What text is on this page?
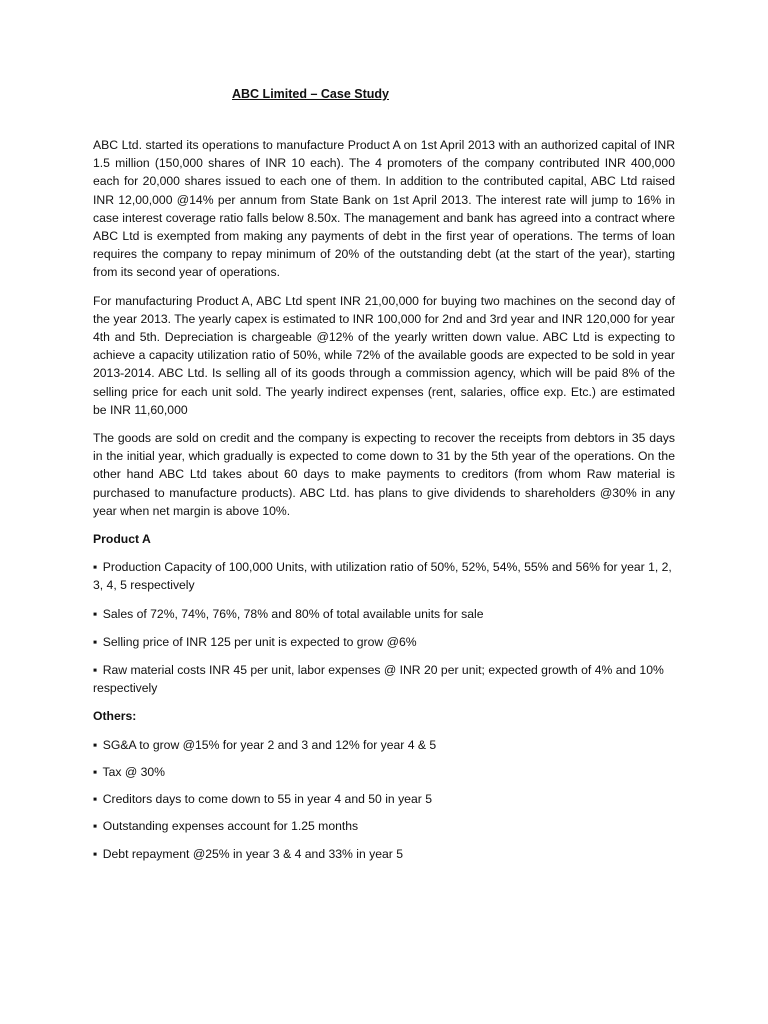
ABC Limited – Case Study

ABC Ltd. started its operations to manufacture Product A on 1st April 2013 with an authorized capital of INR 1.5 million (150,000 shares of INR 10 each). The 4 promoters of the company contributed INR 400,000 each for 20,000 shares issued to each one of them. In addition to the contributed capital, ABC Ltd raised INR 12,00,000 @14% per annum from State Bank on 1st April 2013. The interest rate will jump to 16% in case interest coverage ratio falls below 8.50x. The management and bank has agreed into a contract where ABC Ltd is exempted from making any payments of debt in the first year of operations. The terms of loan requires the company to repay minimum of 20% of the outstanding debt (at the start of the year), starting from its second year of operations.

For manufacturing Product A, ABC Ltd spent INR 21,00,000 for buying two machines on the second day of the year 2013. The yearly capex is estimated to INR 100,000 for 2nd and 3rd year and INR 120,000 for year 4th and 5th. Depreciation is chargeable @12% of the yearly written down value. ABC Ltd is expecting to achieve a capacity utilization ratio of 50%, while 72% of the available goods are expected to be sold in year 2013-2014. ABC Ltd. Is selling all of its goods through a commission agency, which will be paid 8% of the selling price for each unit sold. The yearly indirect expenses (rent, salaries, office exp. Etc.) are estimated be INR 11,60,000

The goods are sold on credit and the company is expecting to recover the receipts from debtors in 35 days in the initial year, which gradually is expected to come down to 31 by the 5th year of the operations. On the other hand ABC Ltd takes about 60 days to make payments to creditors (from whom Raw material is purchased to manufacture products). ABC Ltd. has plans to give dividends to shareholders @30% in any year when net margin is above 10%.

Product A

▪ Production Capacity of 100,000 Units, with utilization ratio of 50%, 52%, 54%, 55% and 56% for year 1, 2, 3, 4, 5 respectively

▪ Sales of 72%, 74%, 76%, 78% and 80% of total available units for sale

▪ Selling price of INR 125 per unit is expected to grow @6%

▪ Raw material costs INR 45 per unit, labor expenses @ INR 20 per unit; expected growth of 4% and 10% respectively

Others:

▪ SG&A to grow @15% for year 2 and 3 and 12% for year 4 & 5

▪ Tax @ 30%

▪ Creditors days to come down to 55 in year 4 and 50 in year 5

▪ Outstanding expenses account for 1.25 months

▪ Debt repayment @25% in year 3 & 4 and 33% in year 5
